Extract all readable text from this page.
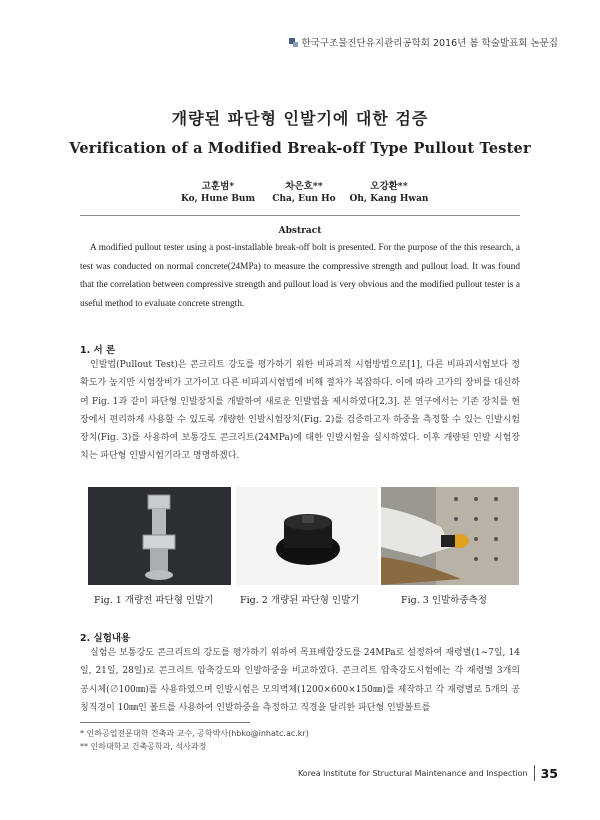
한국구조물진단유지관리공학회 2016년 봄 학술발표회 논문집
개량된 파단형 인발기에 대한 검증
Verification of a Modified Break-off Type Pullout Tester
고훈범*
Ko, Hune Bum
차은호**
Cha, Eun Ho
오강환**
Oh, Kang Hwan
Abstract
A modified pullout tester using a post-installable break-off bolt is presented. For the purpose of the this research, a test was conducted on normal concrete(24MPa) to measure the compressive strength and pullout load. It was found that the correlation between compressive strength and pullout load is very obvious and the modified pullout tester is a useful method to evaluate concrete strength.
1. 서 론
인발법(Pullout Test)은 콘크리트 강도를 평가하기 위한 비파괴적 시험방법으로[1], 다른 비파괴시험보다 정확도가 높지만 시험장비가 고가이고 다른 비파괴시험법에 비해 절차가 복잡하다. 이에 따라 고가의 장비를 대신하여 Fig. 1과 같이 파단형 인발장치를 개발하여 새로운 인발법을 제시하였다[2,3]. 본 연구에서는 기존 장치를 현장에서 편리하게 사용할 수 있도록 개량한 인발시험장치(Fig. 2)를 검증하고자 하중을 측정할 수 있는 인발시험장치(Fig. 3)를 사용하여 보통강도 콘크리트(24MPa)에 대한 인발시험을 실시하였다. 이후 개량된 인발 시험장치는 파단형 인발시험기라고 명명하겠다.
Fig. 1 개량전 파단형 인발기	Fig. 2 개량된 파단형 인발기	Fig. 3 인발하중측정
2. 실험내용
실험은 보통강도 콘크리트의 강도를 평가하기 위하여 목표배합강도를 24MPa로 설정하여 재령별(1~7일, 14일, 21일, 28일)로 콘크리트 압축강도와 인발하중을 비교하였다. 콘크리트 압축강도시험에는 각 재령별 3개의 공시체(∅100㎜)를 사용하였으며 인발시험은 모의벽체(1200×600×150㎜)를 제작하고 각 재령별로 5개의 공칭직경이 10㎜인 볼트를 사용하여 인발하중을 측정하고 직경을 달리한 파단형 인발볼트를
* 인하공업전문대학 건축과 교수, 공학박사(hbko@inhatc.ac.kr)
** 인하대학교 건축공학과, 석사과정
Korea Institute for Structural Maintenance and Inspection 35
